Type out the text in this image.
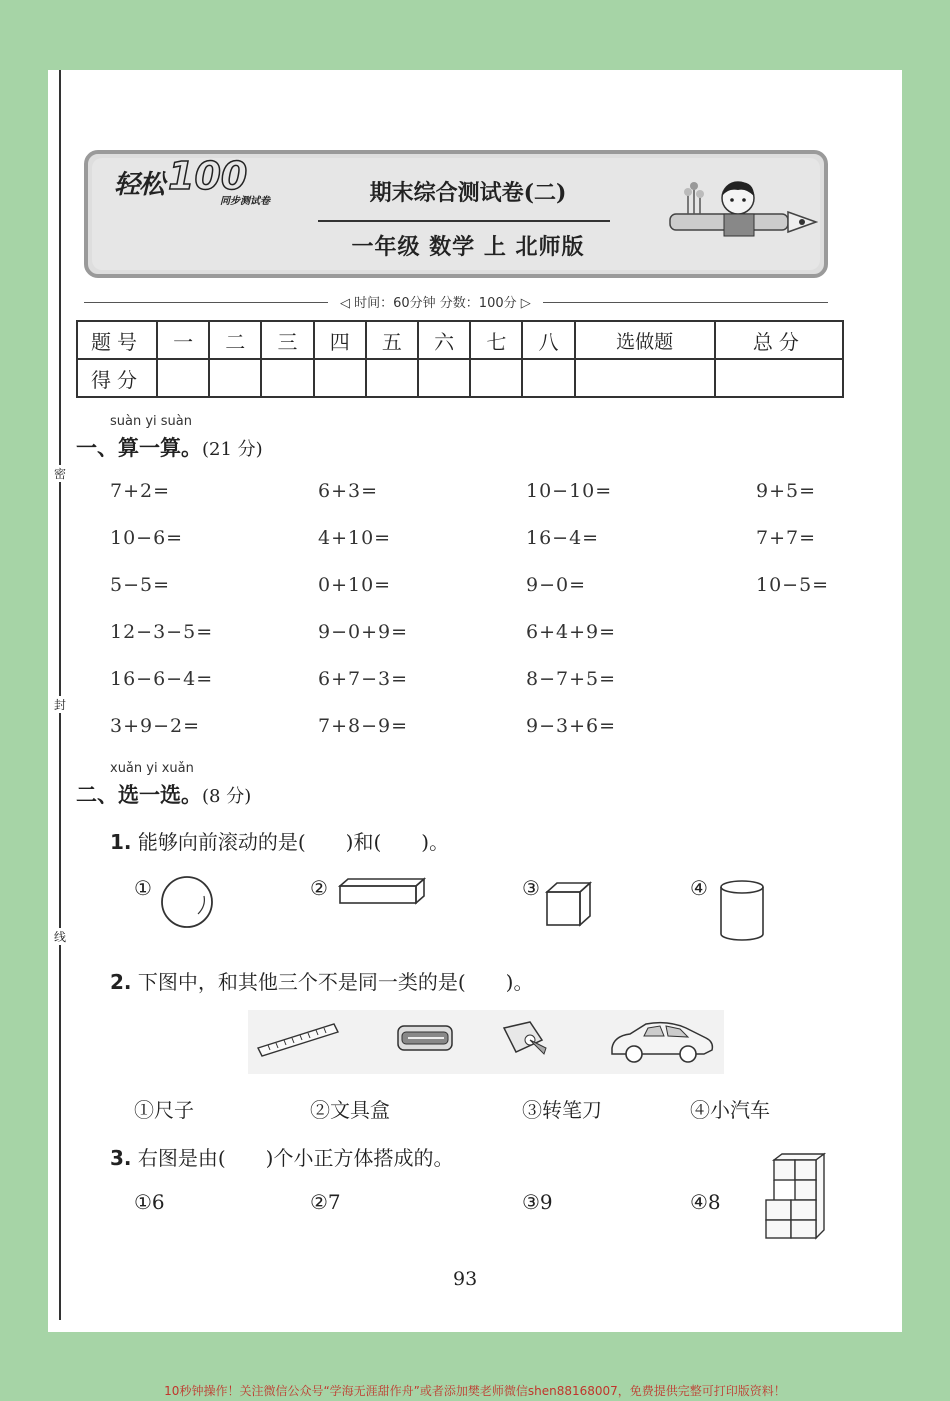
密
封
线
轻松 100
同步测试卷	期末综合测试卷(二)
一年级 数学 上 北师版
◁ 时间：60分钟 分数：100分 ▷
题号	一	二	三	四	五	六	七	八	选做题	总分
得分										
suàn yi suàn
一、算一算。(21 分)
7+2=	6+3=	10−10=	9+5=
10−6=	4+10=	16−4=	7+7=
5−5=	0+10=	9−0=	10−5=
12−3−5=	9−0+9=	6+4+9=
16−6−4=	6+7−3=	8−7+5=
3+9−2=	7+8−9=	9−3+6=
xuǎn yi xuǎn
二、选一选。(8 分)
1. 能够向前滚动的是(　　)和(　　)。
①	②	③	④
2. 下图中，和其他三个不是同一类的是(　　)。
①尺子	②文具盒	③转笔刀	④小汽车
3. 右图是由(　　)个小正方体搭成的。
①6	②7	③9	④8
93
10秒钟操作！关注微信公众号“学海无涯甜作舟”或者添加樊老师微信shen88168007，免费提供完整可打印版资料！
